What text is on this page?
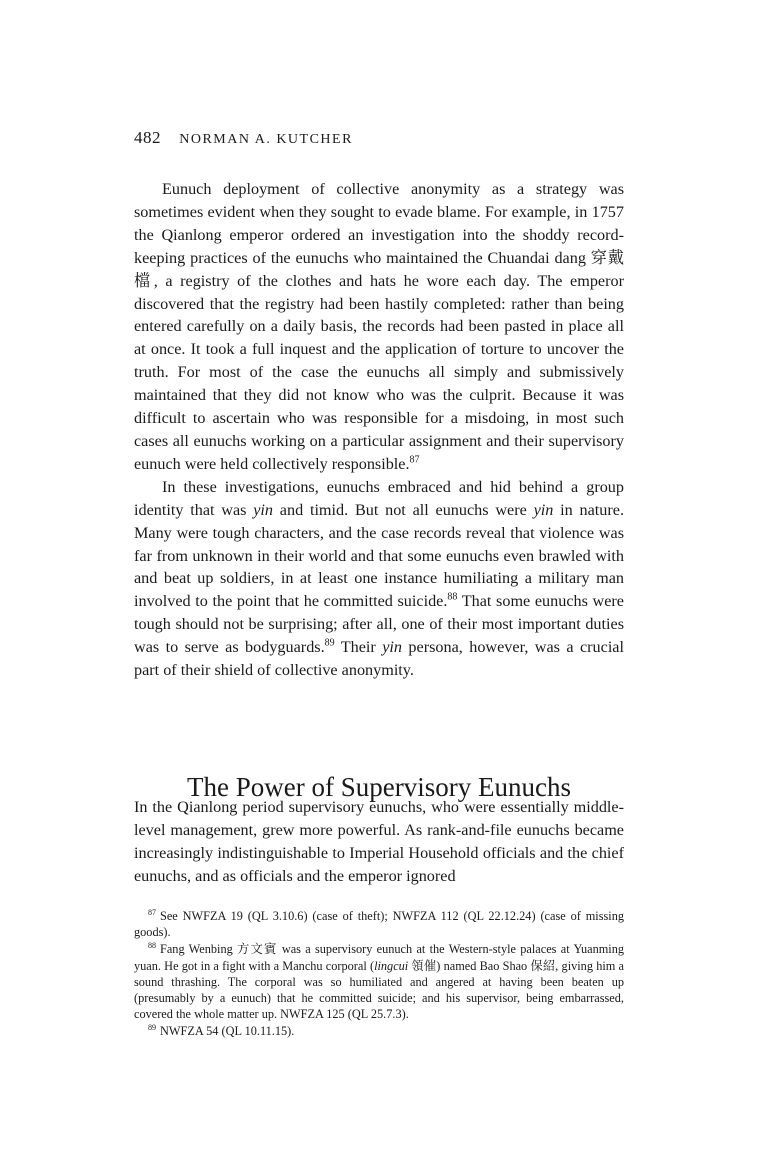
482 NORMAN A. KUTCHER

Eunuch deployment of collective anonymity as a strategy was sometimes evident when they sought to evade blame. For example, in 1757 the Qianlong emperor ordered an investigation into the shoddy record-keeping practices of the eunuchs who maintained the Chuandai dang 穿戴檔, a registry of the clothes and hats he wore each day. The emperor discovered that the registry had been hastily completed: rather than being entered carefully on a daily basis, the records had been pasted in place all at once. It took a full inquest and the application of torture to uncover the truth. For most of the case the eunuchs all simply and submissively maintained that they did not know who was the culprit. Because it was difficult to ascertain who was responsible for a misdoing, in most such cases all eunuchs working on a particular assignment and their supervisory eunuch were held collectively responsible.$^{87}$

In these investigations, eunuchs embraced and hid behind a group identity that was yin and timid. But not all eunuchs were yin in nature. Many were tough characters, and the case records reveal that violence was far from unknown in their world and that some eunuchs even brawled with and beat up soldiers, in at least one instance humiliating a military man involved to the point that he committed suicide.$^{88}$ That some eunuchs were tough should not be surprising; after all, one of their most important duties was to serve as bodyguards.$^{89}$ Their yin persona, however, was a crucial part of their shield of collective anonymity.

The Power of Supervisory Eunuchs

In the Qianlong period supervisory eunuchs, who were essentially middle-level management, grew more powerful. As rank-and-file eunuchs became increasingly indistinguishable to Imperial Household officials and the chief eunuchs, and as officials and the emperor ignored

$^{87}$ See NWFZA 19 (QL 3.10.6) (case of theft); NWFZA 112 (QL 22.12.24) (case of missing goods).

$^{88}$ Fang Wenbing 方文賓 was a supervisory eunuch at the Western-style palaces at Yuanming yuan. He got in a fight with a Manchu corporal (lingcui 領催) named Bao Shao 保紹, giving him a sound thrashing. The corporal was so humiliated and angered at having been beaten up (presumably by a eunuch) that he committed suicide; and his supervisor, being embarrassed, covered the whole matter up. NWFZA 125 (QL 25.7.3).

$^{89}$ NWFZA 54 (QL 10.11.15).
